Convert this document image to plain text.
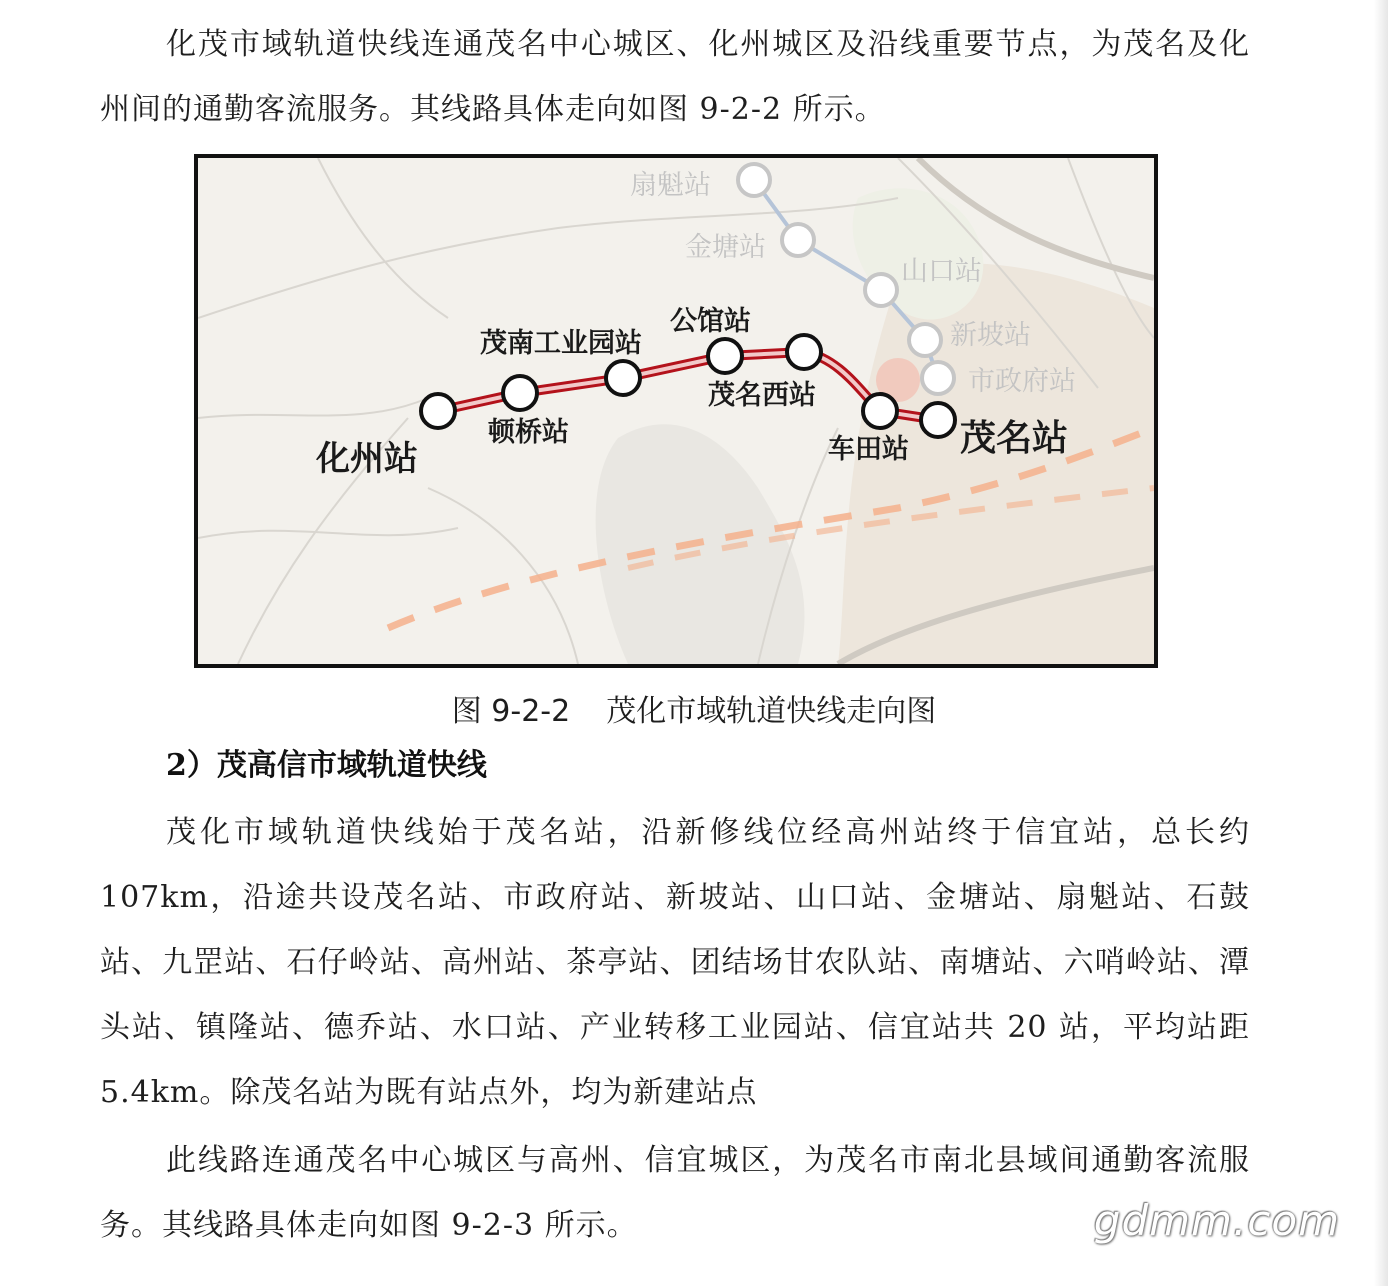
化茂市域轨道快线连通茂名中心城区、化州城区及沿线重要节点，为茂名及化州间的通勤客流服务。其线路具体走向如图 9-2-2 所示。

扇魁站
金塘站
山口站
新坡站
市政府站
化州站
顿桥站
茂南工业园站
公馆站
茂名西站
车田站 茂名站
图 9-2-2 茂化市域轨道快线走向图
2）茂高信市域轨道快线

茂化市域轨道快线始于茂名站，沿新修线位经高州站终于信宜站，总长约 107km，沿途共设茂名站、市政府站、新坡站、山口站、金塘站、扇魁站、石鼓站、九罡站、石仔岭站、高州站、茶亭站、团结场甘农队站、南塘站、六哨岭站、潭头站、镇隆站、德乔站、水口站、产业转移工业园站、信宜站共 20 站，平均站距 5.4km。除茂名站为既有站点外，均为新建站点

此线路连通茂名中心城区与高州、信宜城区，为茂名市南北县域间通勤客流服务。其线路具体走向如图 9-2-3 所示。	gdmm.com
